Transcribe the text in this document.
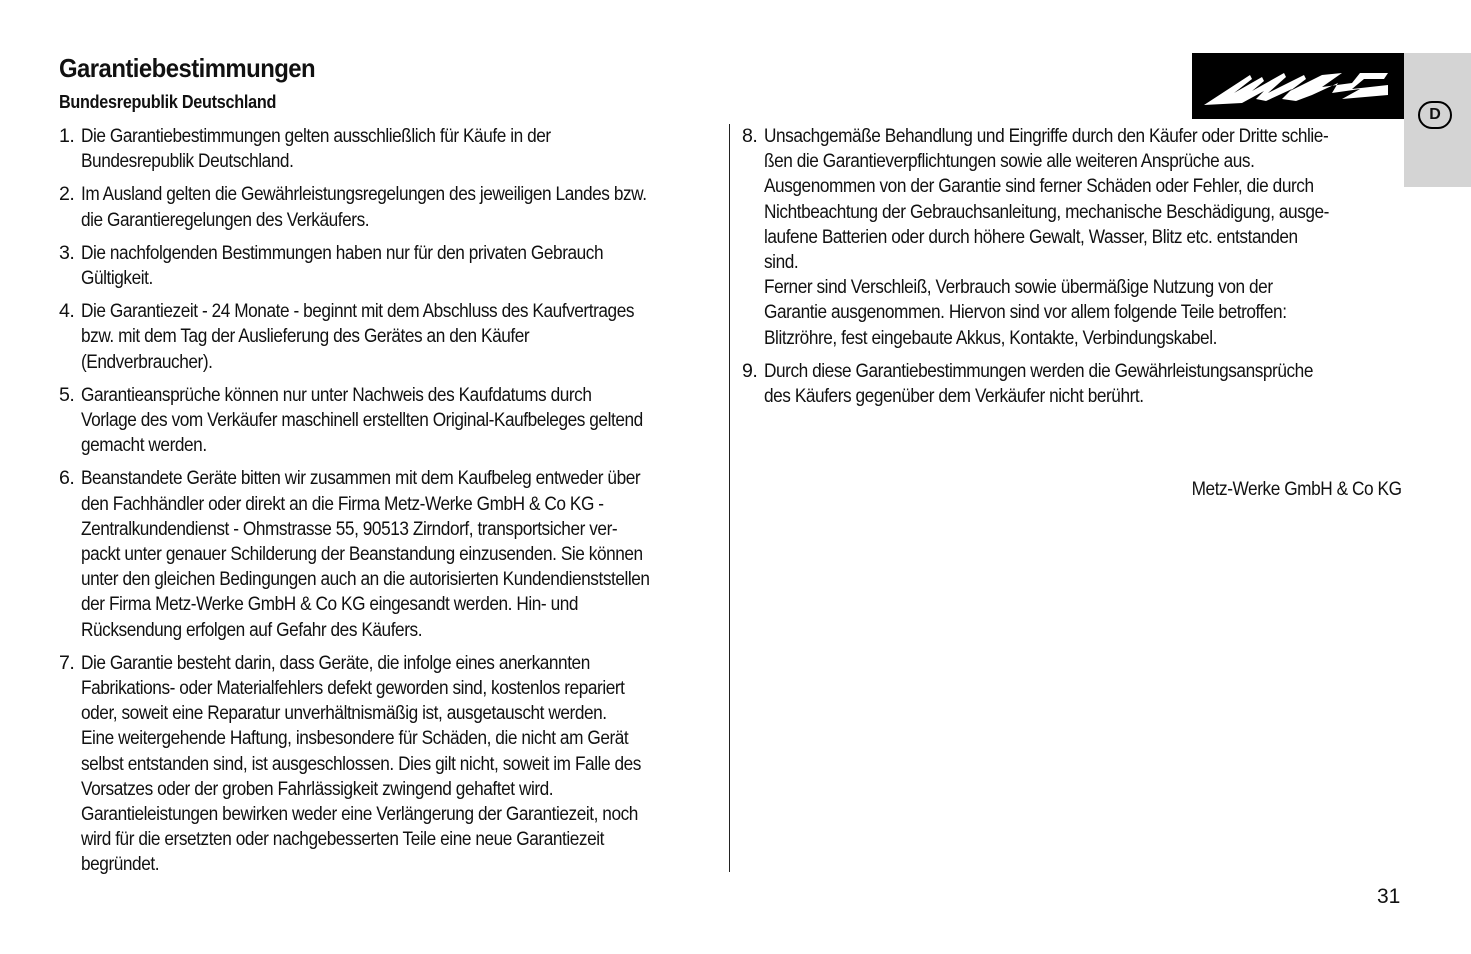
Garantiebestimmungen
Bundesrepublik Deutschland
1. Die Garantiebestimmungen gelten ausschließlich für Käufe in der
Bundesrepublik Deutschland.
2. Im Ausland gelten die Gewährleistungsregelungen des jeweiligen Landes bzw.
die Garantieregelungen des Verkäufers.
3. Die nachfolgenden Bestimmungen haben nur für den privaten Gebrauch
Gültigkeit.
4. Die Garantiezeit - 24 Monate - beginnt mit dem Abschluss des Kaufvertrages
bzw. mit dem Tag der Auslieferung des Gerätes an den Käufer
(Endverbraucher).
5. Garantieansprüche können nur unter Nachweis des Kaufdatums durch
Vorlage des vom Verkäufer maschinell erstellten Original-Kaufbeleges geltend
gemacht werden.
6. Beanstandete Geräte bitten wir zusammen mit dem Kaufbeleg entweder über
den Fachhändler oder direkt an die Firma Metz-Werke GmbH & Co KG -
Zentralkundendienst - Ohmstrasse 55, 90513 Zirndorf, transportsicher ver-
packt unter genauer Schilderung der Beanstandung einzusenden. Sie können
unter den gleichen Bedingungen auch an die autorisierten Kundendienststellen
der Firma Metz-Werke GmbH & Co KG eingesandt werden. Hin- und
Rücksendung erfolgen auf Gefahr des Käufers.
7. Die Garantie besteht darin, dass Geräte, die infolge eines anerkannten
Fabrikations- oder Materialfehlers defekt geworden sind, kostenlos repariert
oder, soweit eine Reparatur unverhältnismäßig ist, ausgetauscht werden.
Eine weitergehende Haftung, insbesondere für Schäden, die nicht am Gerät
selbst entstanden sind, ist ausgeschlossen. Dies gilt nicht, soweit im Falle des
Vorsatzes oder der groben Fahrlässigkeit zwingend gehaftet wird.
Garantieleistungen bewirken weder eine Verlängerung der Garantiezeit, noch
wird für die ersetzten oder nachgebesserten Teile eine neue Garantiezeit
begründet.
8. Unsachgemäße Behandlung und Eingriffe durch den Käufer oder Dritte schlie-
ßen die Garantieverpflichtungen sowie alle weiteren Ansprüche aus.
Ausgenommen von der Garantie sind ferner Schäden oder Fehler, die durch
Nichtbeachtung der Gebrauchsanleitung, mechanische Beschädigung, ausge-
laufene Batterien oder durch höhere Gewalt, Wasser, Blitz etc. entstanden
sind.
Ferner sind Verschleiß, Verbrauch sowie übermäßige Nutzung von der
Garantie ausgenommen. Hiervon sind vor allem folgende Teile betroffen:
Blitzröhre, fest eingebaute Akkus, Kontakte, Verbindungskabel.
9. Durch diese Garantiebestimmungen werden die Gewährleistungsansprüche
des Käufers gegenüber dem Verkäufer nicht berührt.
D
Metz-Werke GmbH & Co KG
31
